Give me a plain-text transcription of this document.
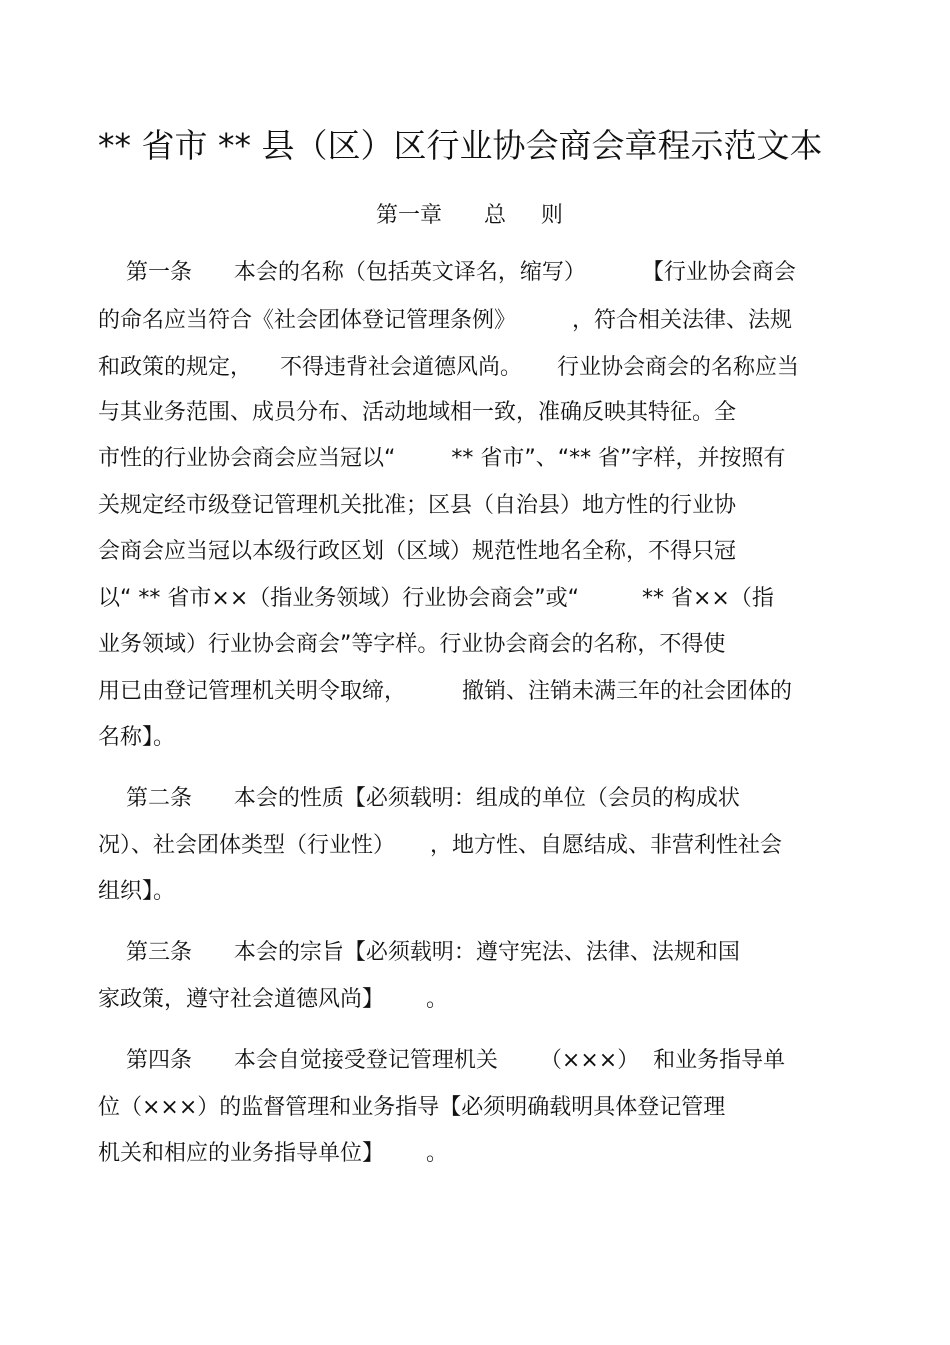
** 省市 ** 县（区）区行业协会商会章程示范文本
第一章      总     则
第一条      本会的名称（包括英文译名，缩写）        【行业协会商会
的命名应当符合《社会团体登记管理条例》        ，符合相关法律、法规
和政策的规定，    不得违背社会道德风尚。     行业协会商会的名称应当
与其业务范围、成员分布、活动地域相一致，准确反映其特征。全
市性的行业协会商会应当冠以“        ** 省市”、“** 省”字样，并按照有
关规定经市级登记管理机关批准；区县（自治县）地方性的行业协
会商会应当冠以本级行政区划（区域）规范性地名全称，不得只冠
以“ ** 省市××（指业务领域）行业协会商会”或“         ** 省××（指
业务领域）行业协会商会”等字样。行业协会商会的名称，不得使
用已由登记管理机关明令取缔，        撤销、注销未满三年的社会团体的
名称】。
第二条      本会的性质【必须载明：组成的单位（会员的构成状
况）、社会团体类型（行业性）     ，地方性、自愿结成、非营利性社会
组织】。
第三条      本会的宗旨【必须载明：遵守宪法、法律、法规和国
家政策，遵守社会道德风尚】      。
第四条      本会自觉接受登记管理机关      （×××）  和业务指导单
位（×××）的监督管理和业务指导【必须明确载明具体登记管理
机关和相应的业务指导单位】      。
